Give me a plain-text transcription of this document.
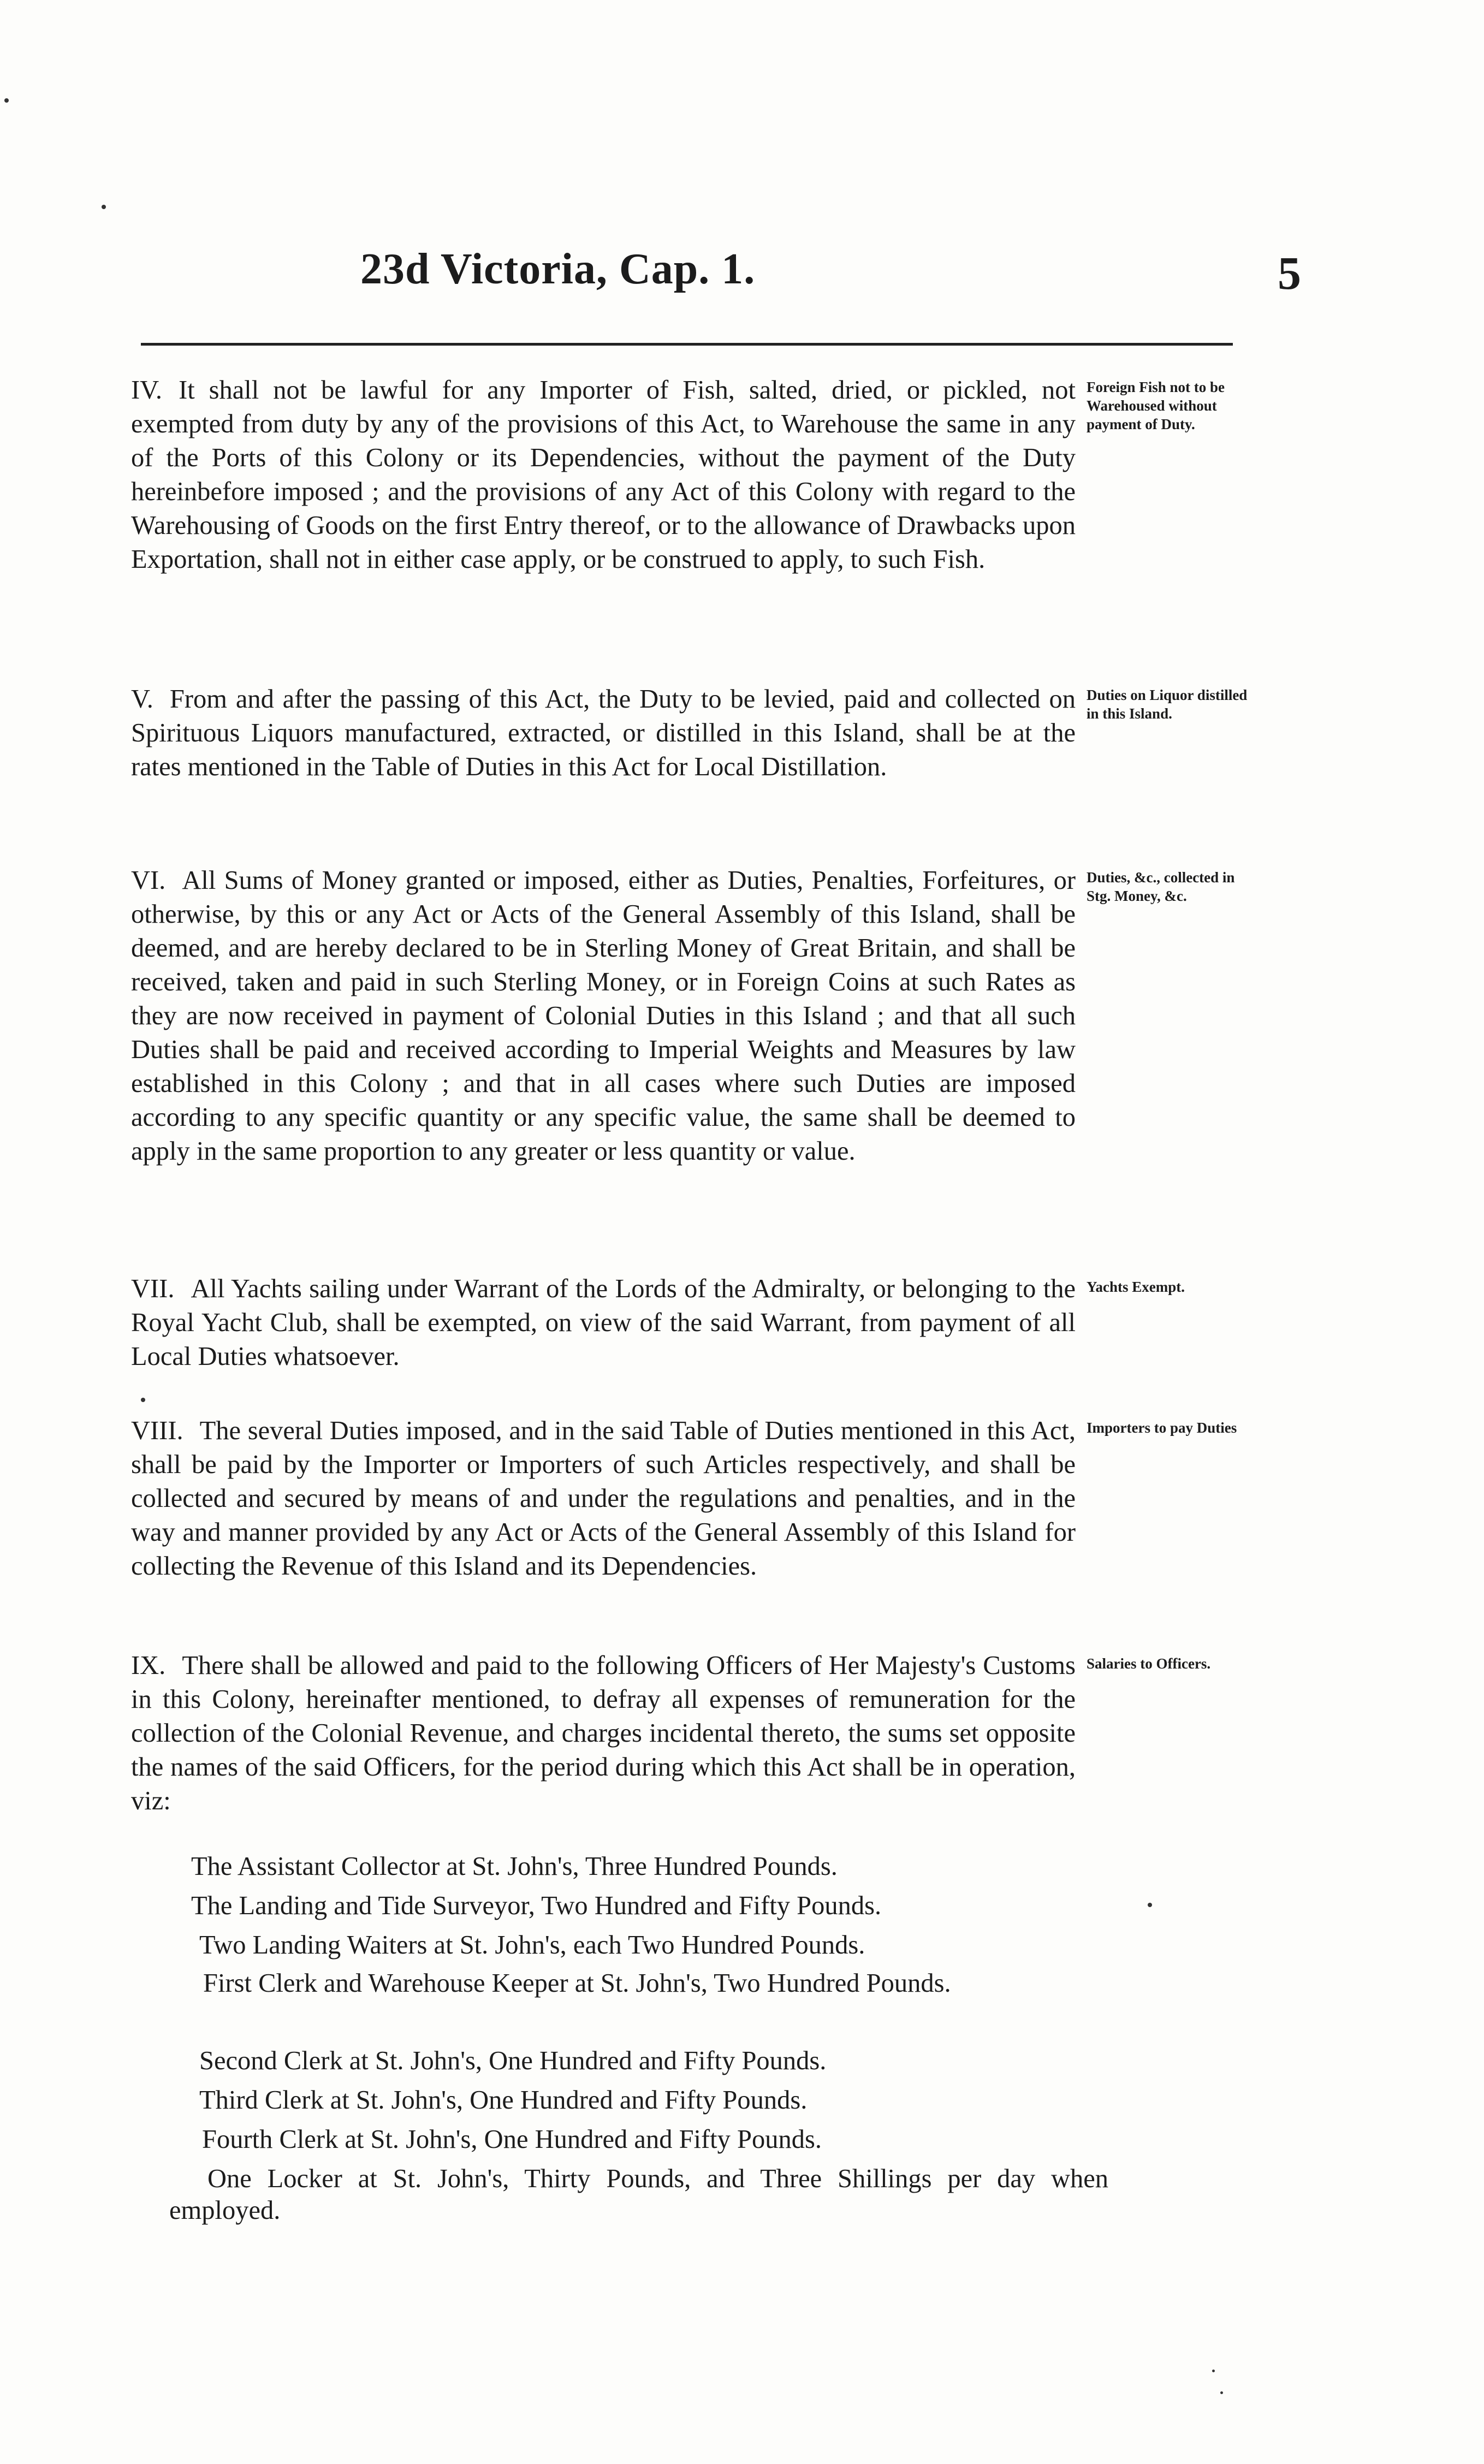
23d Victoria, Cap. 1.	5
IV. It shall not be lawful for any Importer of Fish, salted, dried, or pickled, not exempted from duty by any of the provisions of this Act, to Warehouse the same in any of the Ports of this Colony or its Dependencies, without the payment of the Duty hereinbefore imposed ; and the provisions of any Act of this Colony with regard to the Warehousing of Goods on the first Entry thereof, or to the allowance of Drawbacks upon Exportation, shall not in either case apply, or be construed to apply, to such Fish.
Foreign Fish not to be Warehoused without payment of Duty.
V. From and after the passing of this Act, the Duty to be levied, paid and collected on Spirituous Liquors manufactured, extracted, or distilled in this Island, shall be at the rates mentioned in the Table of Duties in this Act for Local Distillation.
Duties on Liquor distilled in this Island.
VI. All Sums of Money granted or imposed, either as Duties, Penalties, Forfeitures, or otherwise, by this or any Act or Acts of the General Assembly of this Island, shall be deemed, and are hereby declared to be in Sterling Money of Great Britain, and shall be received, taken and paid in such Sterling Money, or in Foreign Coins at such Rates as they are now received in payment of Colonial Duties in this Island ; and that all such Duties shall be paid and received according to Imperial Weights and Measures by law established in this Colony ; and that in all cases where such Duties are imposed according to any specific quantity or any specific value, the same shall be deemed to apply in the same proportion to any greater or less quantity or value.
Duties, &c., collected in Stg. Money, &c.
VII. All Yachts sailing under Warrant of the Lords of the Admiralty, or belonging to the Royal Yacht Club, shall be exempted, on view of the said Warrant, from payment of all Local Duties whatsoever.
Yachts Exempt.
VIII. The several Duties imposed, and in the said Table of Duties mentioned in this Act, shall be paid by the Importer or Importers of such Articles respectively, and shall be collected and secured by means of and under the regulations and penalties, and in the way and manner provided by any Act or Acts of the General Assembly of this Island for collecting the Revenue of this Island and its Dependencies.
Importers to pay Duties
IX. There shall be allowed and paid to the following Officers of Her Majesty's Customs in this Colony, hereinafter mentioned, to defray all expenses of remuneration for the collection of the Colonial Revenue, and charges incidental thereto, the sums set opposite the names of the said Officers, for the period during which this Act shall be in operation, viz:
Salaries to Officers.
The Assistant Collector at St. John's, Three Hundred Pounds.
The Landing and Tide Surveyor, Two Hundred and Fifty Pounds.
Two Landing Waiters at St. John's, each Two Hundred Pounds.
First Clerk and Warehouse Keeper at St. John's, Two Hundred Pounds.
Second Clerk at St. John's, One Hundred and Fifty Pounds.
Third Clerk at St. John's, One Hundred and Fifty Pounds.
Fourth Clerk at St. John's, One Hundred and Fifty Pounds.
One Locker at St. John's, Thirty Pounds, and Three Shillings per day when employed.
